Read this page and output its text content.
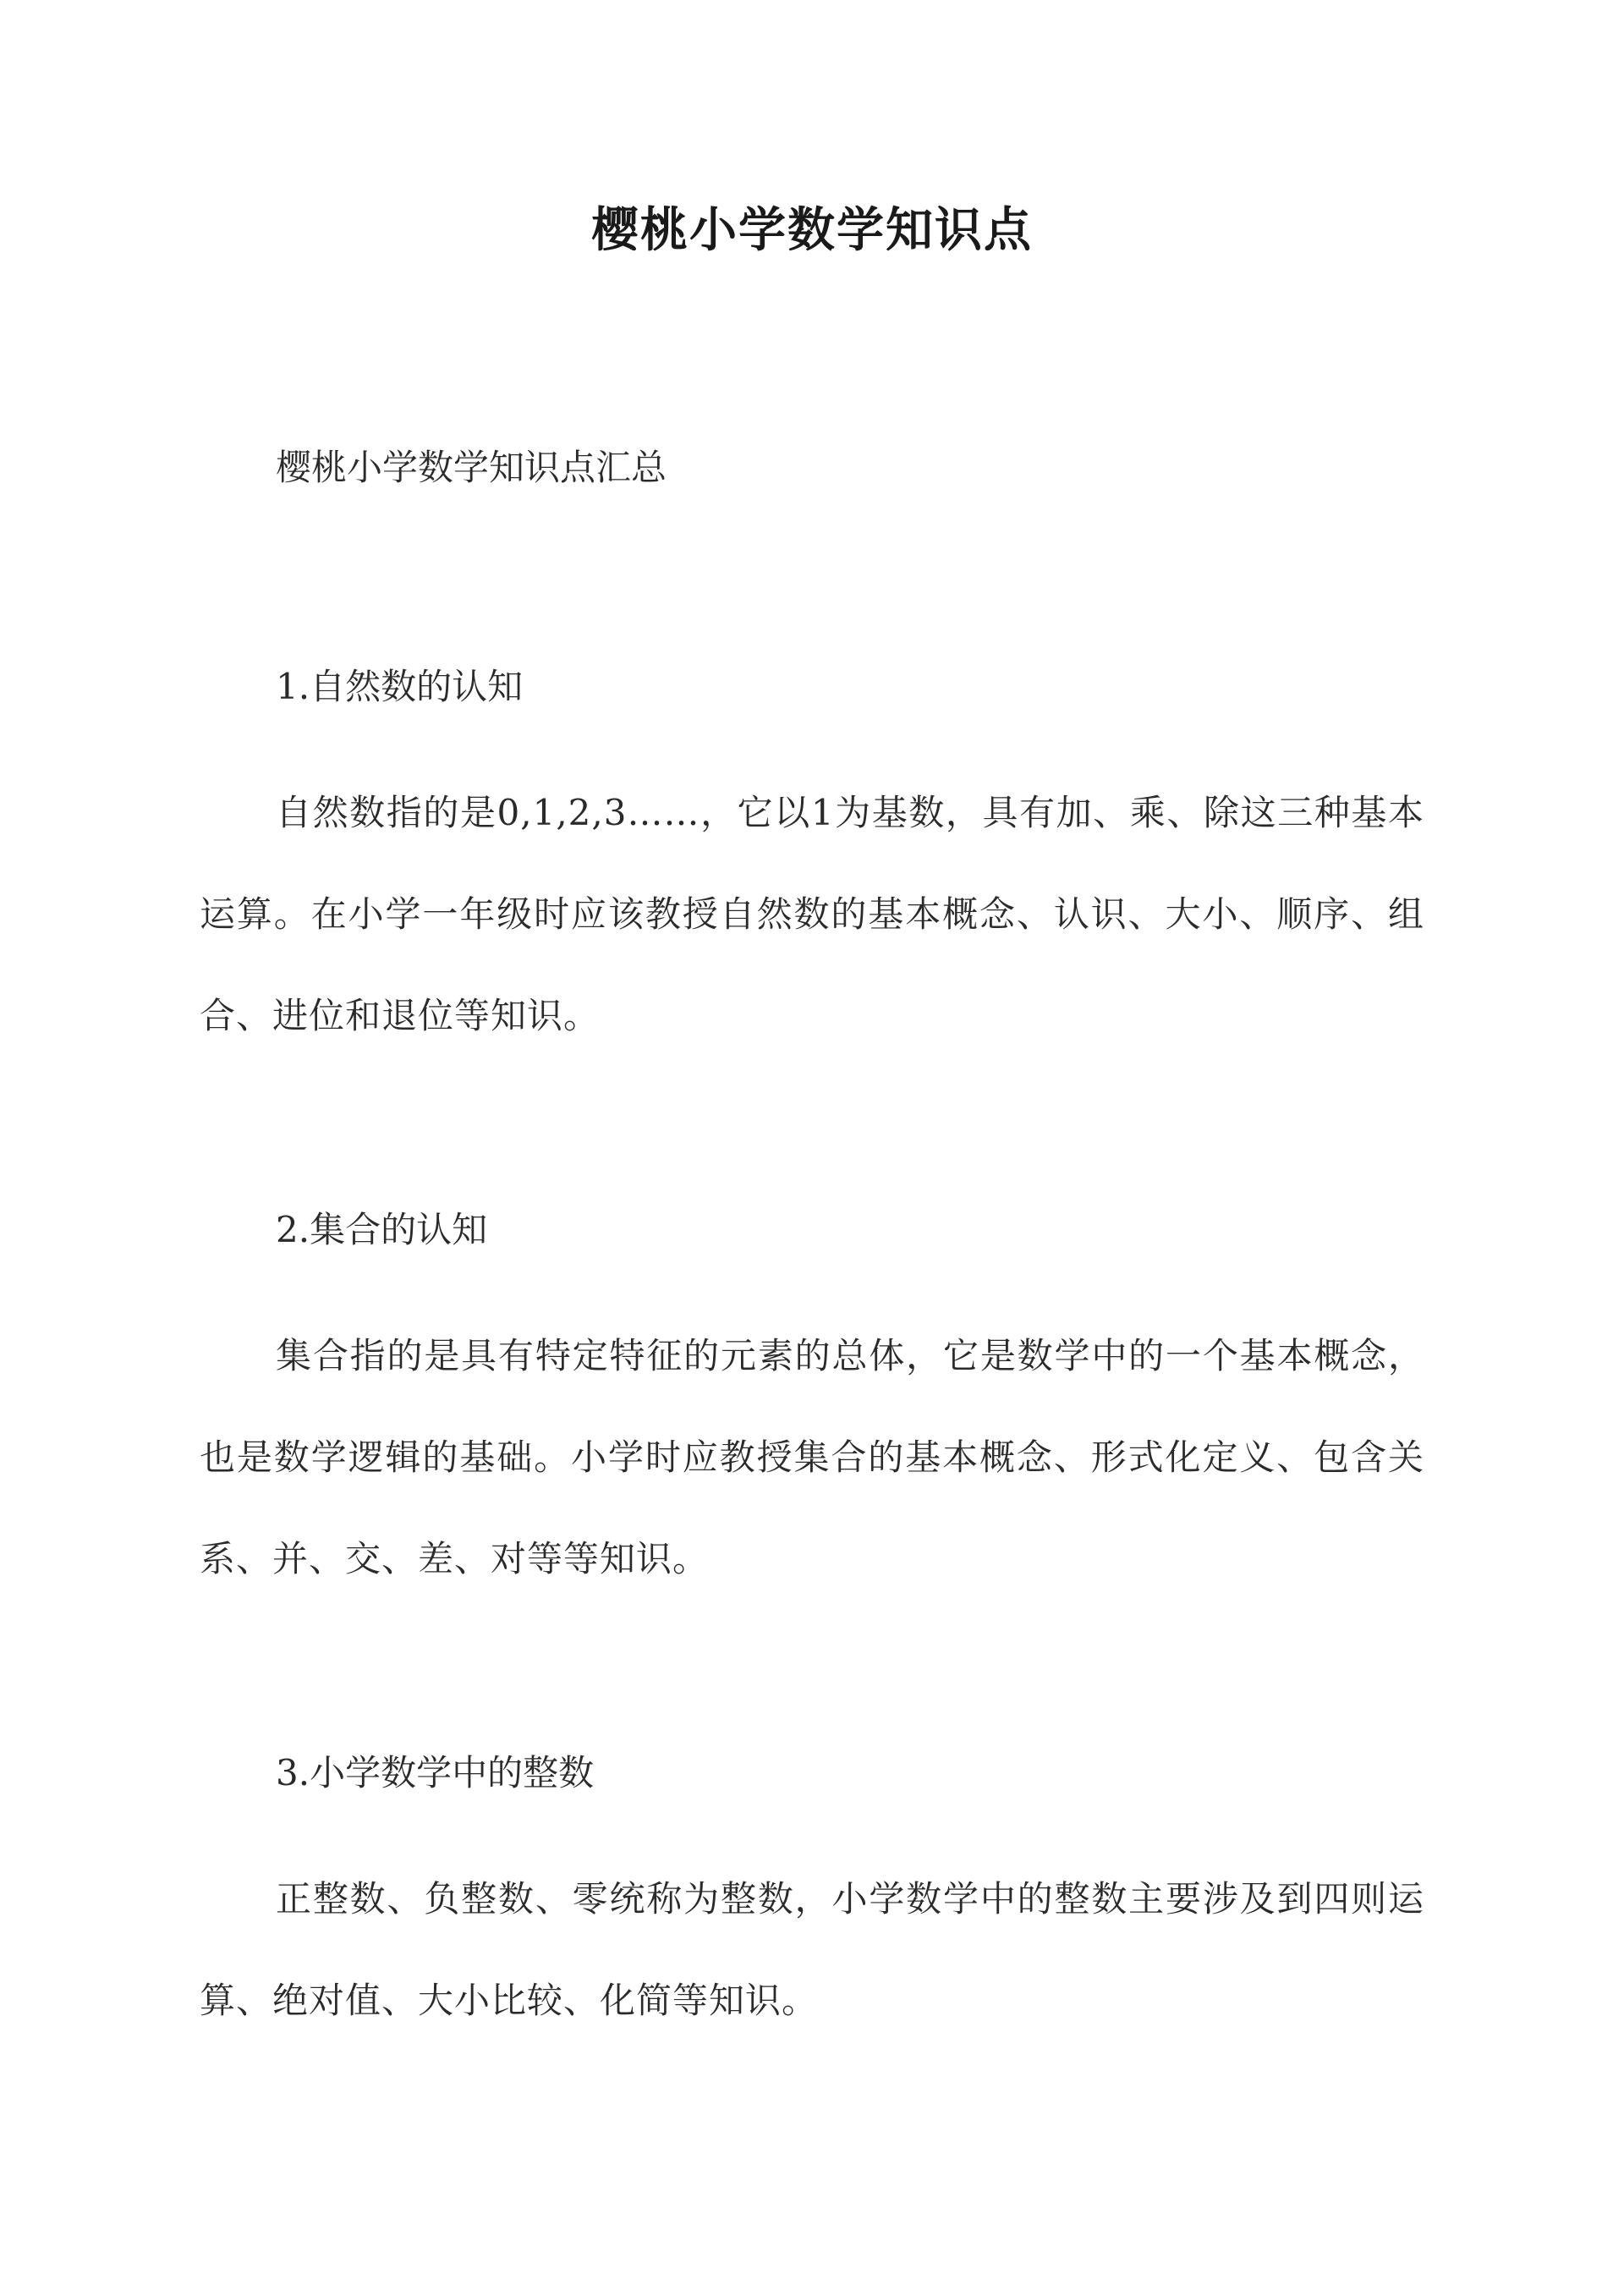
樱桃小学数学知识点
樱桃小学数学知识点汇总
1.自然数的认知
自然数指的是0,1,2,3……，它以1为基数，具有加、乘、除这三种基本运算。在小学一年级时应该教授自然数的基本概念、认识、大小、顺序、组合、进位和退位等知识。
2.集合的认知
集合指的是具有特定特征的元素的总体，它是数学中的一个基本概念，也是数学逻辑的基础。小学时应教授集合的基本概念、形式化定义、包含关系、并、交、差、对等等知识。
3.小学数学中的整数
正整数、负整数、零统称为整数，小学数学中的整数主要涉及到四则运算、绝对值、大小比较、化简等知识。
